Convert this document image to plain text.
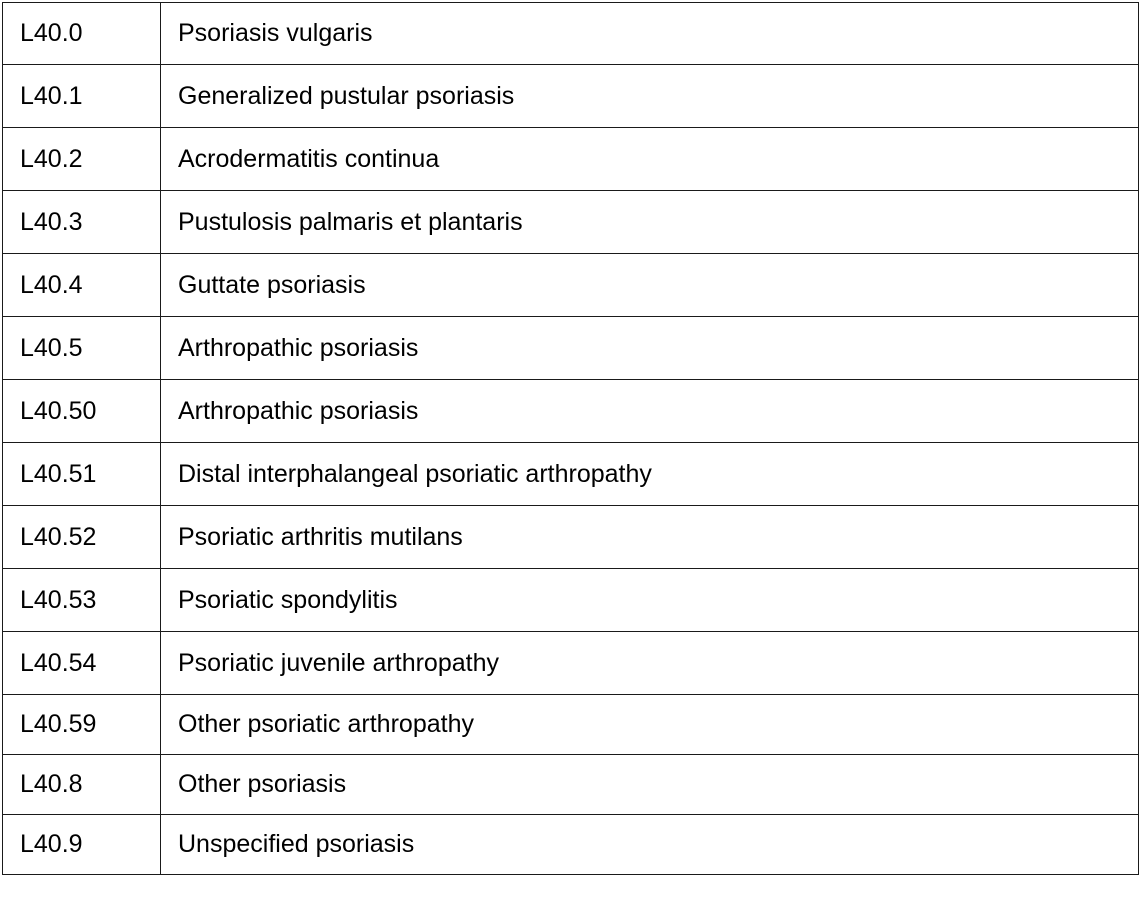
L40.0	Psoriasis vulgaris
L40.1	Generalized pustular psoriasis
L40.2	Acrodermatitis continua
L40.3	Pustulosis palmaris et plantaris
L40.4	Guttate psoriasis
L40.5	Arthropathic psoriasis
L40.50	Arthropathic psoriasis
L40.51	Distal interphalangeal psoriatic arthropathy
L40.52	Psoriatic arthritis mutilans
L40.53	Psoriatic spondylitis
L40.54	Psoriatic juvenile arthropathy
L40.59	Other psoriatic arthropathy
L40.8	Other psoriasis
L40.9	Unspecified psoriasis
